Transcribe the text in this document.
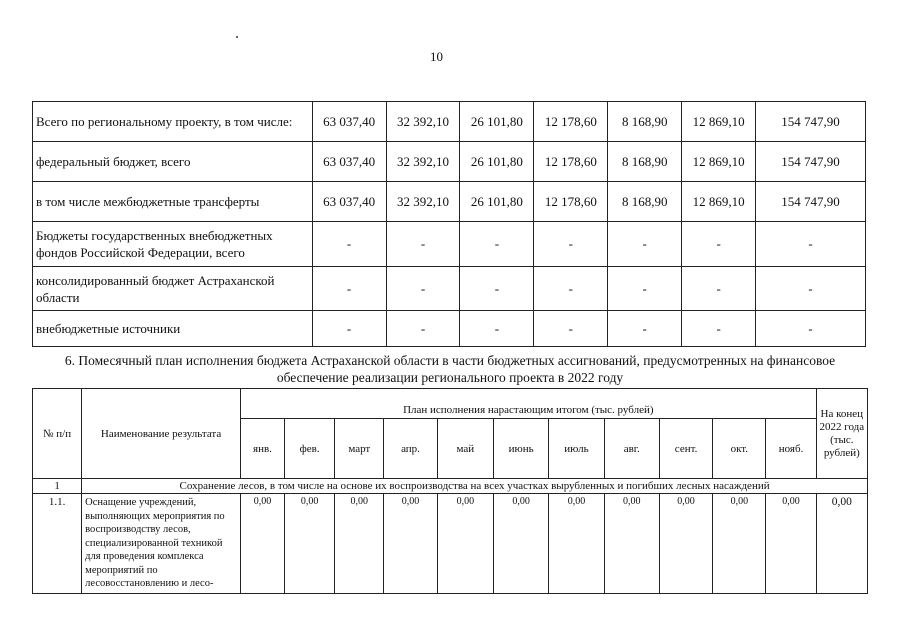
10
Всего по региональному проекту, в том числе:	63 037,40	32 392,10	26 101,80	12 178,60	8 168,90	12 869,10	154 747,90
федеральный бюджет, всего	63 037,40	32 392,10	26 101,80	12 178,60	8 168,90	12 869,10	154 747,90
в том числе межбюджетные трансферты	63 037,40	32 392,10	26 101,80	12 178,60	8 168,90	12 869,10	154 747,90
Бюджеты государственных внебюджетных фондов Российской Федерации, всего	-	-	-	-	-	-	-
консолидированный бюджет Астраханской области	-	-	-	-	-	-	-
внебюджетные источники	-	-	-	-	-	-	-
6. Помесячный план исполнения бюджета Астраханской области в части бюджетных ассигнований, предусмотренных на финансовое обеспечение реализации регионального проекта в 2022 году
№ п/п	Наименование результата	План исполнения нарастающим итогом (тыс. рублей)											На конец 2022 года (тыс. рублей)
		янв.	фев.	март	апр.	май	июнь	июль	авг.	сент.	окт.	нояб.	
1	Сохранение лесов, в том числе на основе их воспроизводства на всех участках вырубленных и погибших лесных насаждений												
1.1.	Оснащение учреждений, выполняющих мероприятия по воспроизводству лесов, специализированной техникой для проведения комплекса мероприятий по лесовосстановлению и лесо-	0,00	0,00	0,00	0,00	0,00	0,00	0,00	0,00	0,00	0,00	0,00	0,00
